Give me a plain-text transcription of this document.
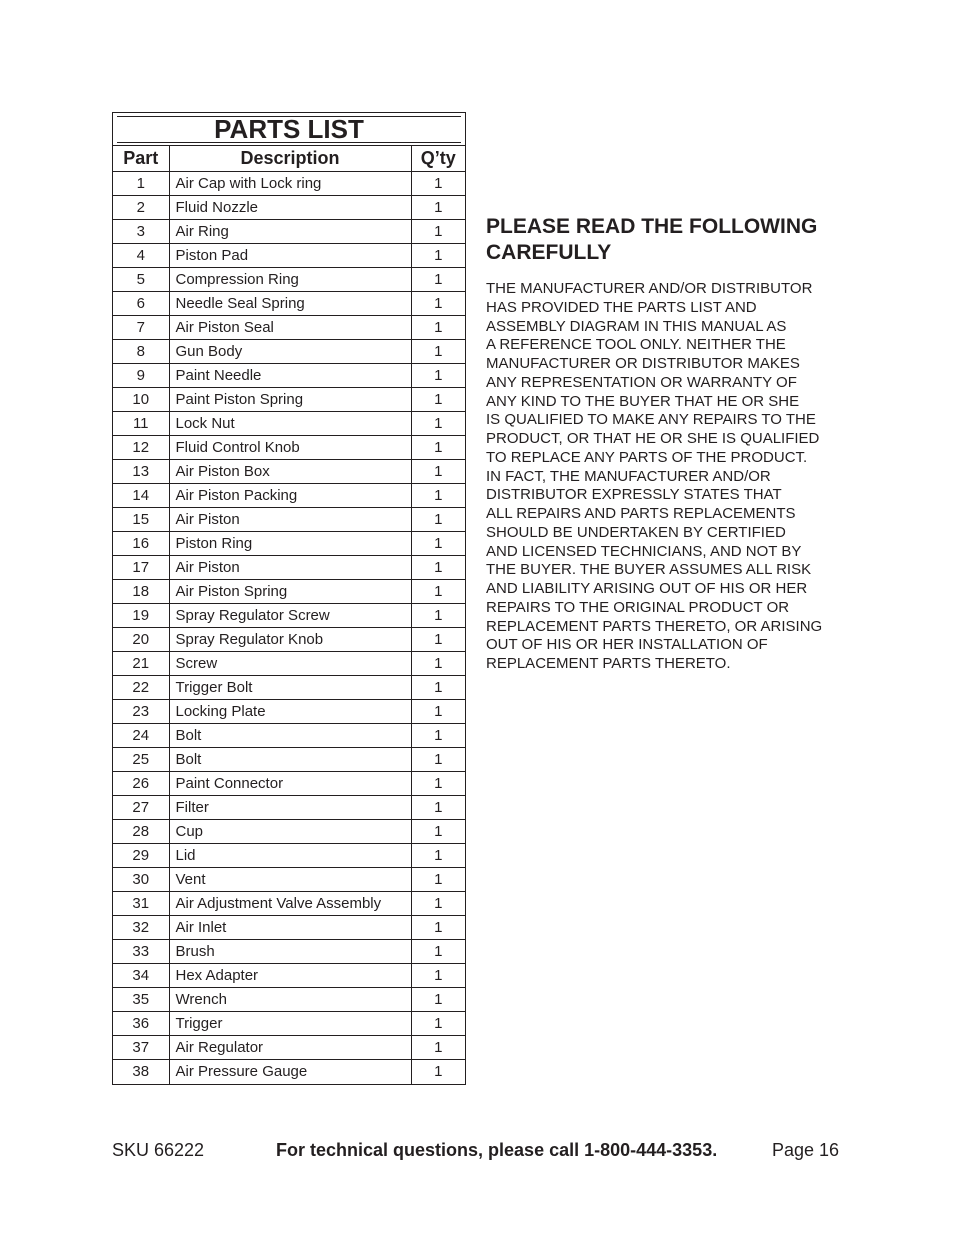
PARTS LIST
Part	Description	Q’ty
1	Air Cap with Lock ring	1
2	Fluid Nozzle	1
3	Air Ring	1
4	Piston Pad	1
5	Compression Ring	1
6	Needle Seal Spring	1
7	Air Piston Seal	1
8	Gun Body	1
9	Paint Needle	1
10	Paint Piston Spring	1
11	Lock Nut	1
12	Fluid Control Knob	1
13	Air Piston Box	1
14	Air Piston Packing	1
15	Air Piston	1
16	Piston Ring	1
17	Air Piston	1
18	Air Piston Spring	1
19	Spray Regulator Screw	1
20	Spray Regulator Knob	1
21	Screw	1
22	Trigger Bolt	1
23	Locking Plate	1
24	Bolt	1
25	Bolt	1
26	Paint Connector	1
27	Filter	1
28	Cup	1
29	Lid	1
30	Vent	1
31	Air Adjustment Valve Assembly	1
32	Air Inlet	1
33	Brush	1
34	Hex Adapter	1
35	Wrench	1
36	Trigger	1
37	Air Regulator	1
38	Air Pressure Gauge	1
PLEASE READ THE FOLLOWING
CAREFULLY

THE MANUFACTURER AND/OR DISTRIBUTOR
HAS PROVIDED THE PARTS LIST AND
ASSEMBLY DIAGRAM IN THIS MANUAL AS
A REFERENCE TOOL ONLY. NEITHER THE
MANUFACTURER OR DISTRIBUTOR MAKES
ANY REPRESENTATION OR WARRANTY OF
ANY KIND TO THE BUYER THAT HE OR SHE
IS QUALIFIED TO MAKE ANY REPAIRS TO THE
PRODUCT, OR THAT HE OR SHE IS QUALIFIED
TO REPLACE ANY PARTS OF THE PRODUCT.
IN FACT, THE MANUFACTURER AND/OR
DISTRIBUTOR EXPRESSLY STATES THAT
ALL REPAIRS AND PARTS REPLACEMENTS
SHOULD BE UNDERTAKEN BY CERTIFIED
AND LICENSED TECHNICIANS, AND NOT BY
THE BUYER. THE BUYER ASSUMES ALL RISK
AND LIABILITY ARISING OUT OF HIS OR HER
REPAIRS TO THE ORIGINAL PRODUCT OR
REPLACEMENT PARTS THERETO, OR ARISING
OUT OF HIS OR HER INSTALLATION OF
REPLACEMENT PARTS THERETO.

SKU 66222	For technical questions, please call 1-800-444-3353.	Page 16
